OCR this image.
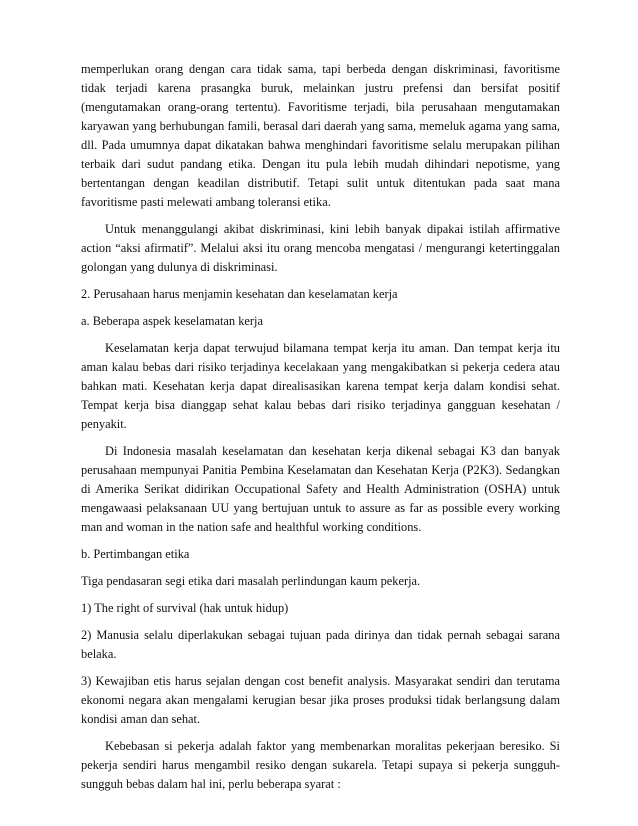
memperlukan orang dengan cara tidak sama, tapi berbeda dengan diskriminasi, favoritisme tidak terjadi karena prasangka buruk, melainkan justru prefensi dan bersifat positif (mengutamakan orang-orang tertentu). Favoritisme terjadi, bila perusahaan mengutamakan karyawan yang berhubungan famili, berasal dari daerah yang sama, memeluk agama yang sama, dll. Pada umumnya dapat dikatakan bahwa menghindari favoritisme selalu merupakan pilihan terbaik dari sudut pandang etika. Dengan itu pula lebih mudah dihindari nepotisme, yang bertentangan dengan keadilan distributif. Tetapi sulit untuk ditentukan pada saat mana favoritisme pasti melewati ambang toleransi etika.

Untuk menanggulangi akibat diskriminasi, kini lebih banyak dipakai istilah affirmative action “aksi afirmatif”. Melalui aksi itu orang mencoba mengatasi / mengurangi ketertinggalan golongan yang dulunya di diskriminasi.

2. Perusahaan harus menjamin kesehatan dan keselamatan kerja

a. Beberapa aspek keselamatan kerja

Keselamatan kerja dapat terwujud bilamana tempat kerja itu aman. Dan tempat kerja itu aman kalau bebas dari risiko terjadinya kecelakaan yang mengakibatkan si pekerja cedera atau bahkan mati. Kesehatan kerja dapat direalisasikan karena tempat kerja dalam kondisi sehat. Tempat kerja bisa dianggap sehat kalau bebas dari risiko terjadinya gangguan kesehatan / penyakit.

Di Indonesia masalah keselamatan dan kesehatan kerja dikenal sebagai K3 dan banyak perusahaan mempunyai Panitia Pembina Keselamatan dan Kesehatan Kerja (P2K3). Sedangkan di Amerika Serikat didirikan Occupational Safety and Health Administration (OSHA) untuk mengawaasi pelaksanaan UU yang bertujuan untuk to assure as far as possible every working man and woman in the nation safe and healthful working conditions.

b. Pertimbangan etika

Tiga pendasaran segi etika dari masalah perlindungan kaum pekerja.

1) The right of survival (hak untuk hidup)

2) Manusia selalu diperlakukan sebagai tujuan pada dirinya dan tidak pernah sebagai sarana belaka.

3) Kewajiban etis harus sejalan dengan cost benefit analysis. Masyarakat sendiri dan terutama ekonomi negara akan mengalami kerugian besar jika proses produksi tidak berlangsung dalam kondisi aman dan sehat.

Kebebasan si pekerja adalah faktor yang membenarkan moralitas pekerjaan beresiko. Si pekerja sendiri harus mengambil resiko dengan sukarela. Tetapi supaya si pekerja sungguh-sungguh bebas dalam hal ini, perlu beberapa syarat :
